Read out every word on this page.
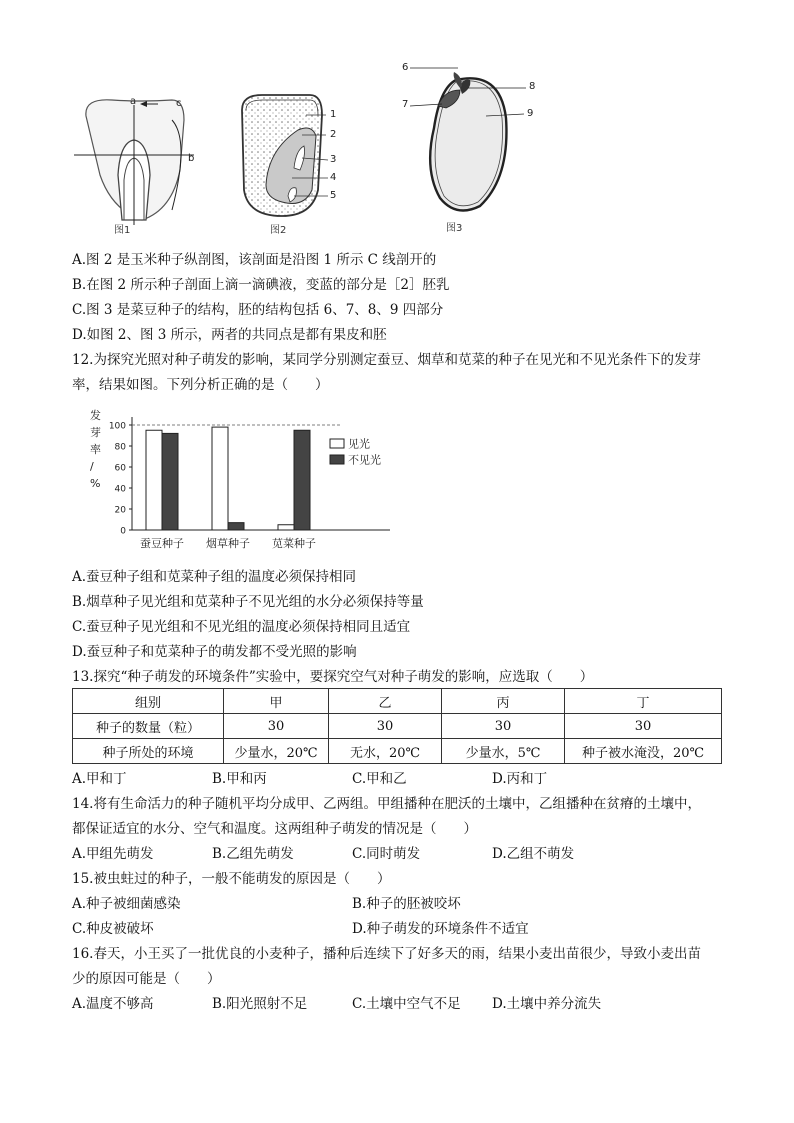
a	c
b
图1
1
2
3
4
5
图2
6
7
8
9
图3
A.图 2 是玉米种子纵剖图，该剖面是沿图 1 所示 C 线剖开的
B.在图 2 所示种子剖面上滴一滴碘液，变蓝的部分是［2］胚乳
C.图 3 是菜豆种子的结构，胚的结构包括 6、7、8、9 四部分
D.如图 2、图 3 所示，两者的共同点是都有果皮和胚
12.为探究光照对种子萌发的影响，某同学分别测定蚕豆、烟草和苋菜的种子在见光和不见光条件下的发芽
率，结果如图。下列分析正确的是（　　）
发
芽
率
/
%
0
20
40
60
80
100
蚕豆种子 烟草种子 苋菜种子
见光
不见光
A.蚕豆种子组和苋菜种子组的温度必须保持相同
B.烟草种子见光组和苋菜种子不见光组的水分必须保持等量
C.蚕豆种子见光组和不见光组的温度必须保持相同且适宜
D.蚕豆种子和苋菜种子的萌发都不受光照的影响
13.探究“种子萌发的环境条件”实验中，要探究空气对种子萌发的影响，应选取（　　）
组别	甲	乙	丙	丁
种子的数量（粒）	30	30	30	30
种子所处的环境	少量水，20℃	无水，20℃	少量水，5℃	种子被水淹没，20℃
A.甲和丁	B.甲和丙	C.甲和乙	D.丙和丁
14.将有生命活力的种子随机平均分成甲、乙两组。甲组播种在肥沃的土壤中，乙组播种在贫瘠的土壤中，
都保证适宜的水分、空气和温度。这两组种子萌发的情况是（　　）
A.甲组先萌发	B.乙组先萌发	C.同时萌发	D.乙组不萌发
15.被虫蛀过的种子，一般不能萌发的原因是（　　）
A.种子被细菌感染	B.种子的胚被咬坏
C.种皮被破坏	D.种子萌发的环境条件不适宜
16.春天，小王买了一批优良的小麦种子，播种后连续下了好多天的雨，结果小麦出苗很少，导致小麦出苗
少的原因可能是（　　）
A.温度不够高	B.阳光照射不足	C.土壤中空气不足 D.土壤中养分流失
